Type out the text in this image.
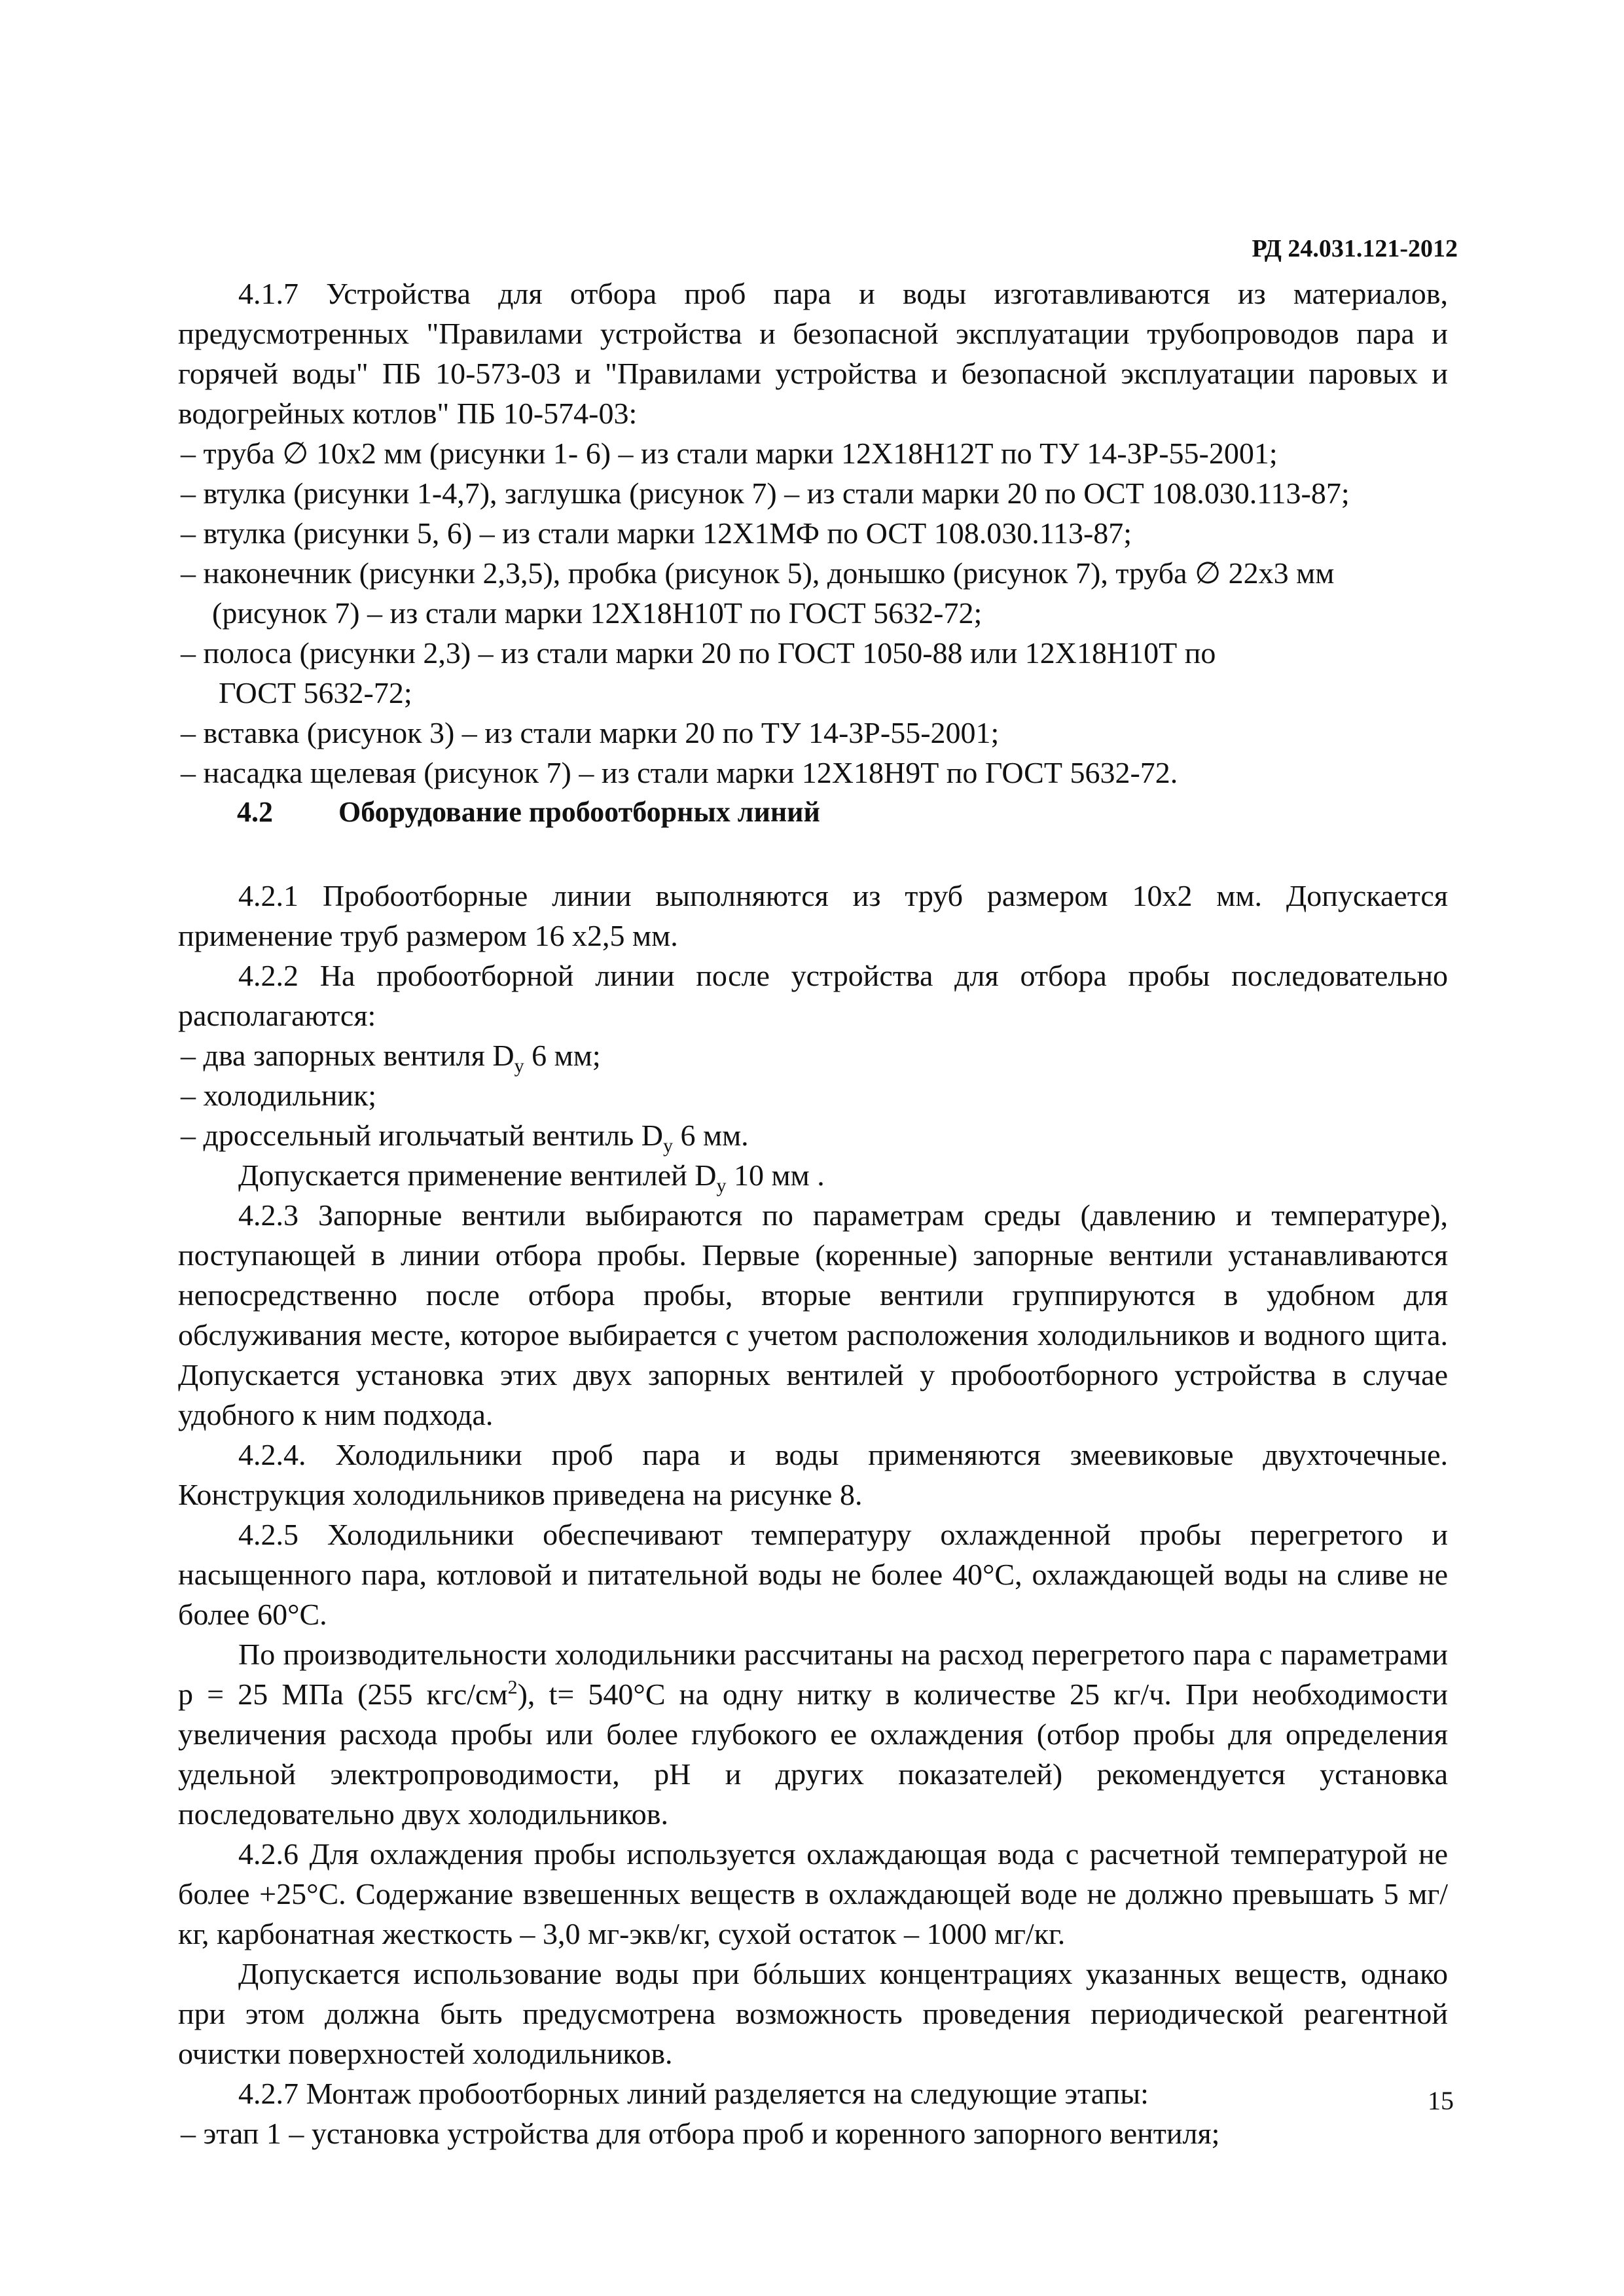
РД 24.031.121-2012

4.1.7 Устройства для отбора проб пара и воды изготавливаются из материалов, предусмотренных "Правилами устройства и безопасной эксплуатации трубопроводов пара и горячей воды" ПБ 10-573-03 и "Правилами устройства и безопасной эксплуатации паровых и водогрейных котлов" ПБ 10-574-03:

– труба ∅ 10х2 мм (рисунки 1- 6) – из стали марки 12Х18Н12Т по ТУ 14-3Р-55-2001;

– втулка (рисунки 1-4,7), заглушка (рисунок 7) – из стали марки 20 по ОСТ 108.030.113-87;

– втулка (рисунки 5, 6) – из стали марки 12Х1МФ по ОСТ 108.030.113-87;

– наконечник (рисунки 2,3,5), пробка (рисунок 5), донышко (рисунок 7), труба ∅ 22х3 мм

(рисунок 7) – из стали марки 12Х18Н10Т по ГОСТ 5632-72;

– полоса (рисунки 2,3) – из стали марки 20 по ГОСТ 1050-88 или 12Х18Н10Т по

ГОСТ 5632-72;

– вставка (рисунок 3) – из стали марки 20 по ТУ 14-3Р-55-2001;

– насадка щелевая (рисунок 7) – из стали марки 12Х18Н9Т по ГОСТ 5632-72.

4.2 Оборудование пробоотборных линий

4.2.1 Пробоотборные линии выполняются из труб размером 10х2 мм. Допускается применение труб размером 16 х2,5 мм.

4.2.2 На пробоотборной линии после устройства для отбора пробы последовательно располагаются:

– два запорных вентиля $D_у$ 6 мм;

– холодильник;

– дроссельный игольчатый вентиль $D_у$ 6 мм.

Допускается применение вентилей $D_у$ 10 мм .

4.2.3 Запорные вентили выбираются по параметрам среды (давлению и температуре), поступающей в линии отбора пробы. Первые (коренные) запорные вентили устанавливаются непосредственно после отбора пробы, вторые вентили группируются в удобном для обслуживания месте, которое выбирается с учетом расположения холодильников и водного щита. Допускается установка этих двух запорных вентилей у пробоотборного устройства в случае удобного к ним подхода.

4.2.4. Холодильники проб пара и воды применяются змеевиковые двухточечные. Конструкция холодильников приведена на рисунке 8.

4.2.5 Холодильники обеспечивают температуру охлажденной пробы перегретого и насыщенного пара, котловой и питательной воды не более 40°С, охлаждающей воды на сливе не более 60°С.

По производительности холодильники рассчитаны на расход перегретого пара с параметрами р = 25 МПа (255 кгс/$см^2$), t= 540°С на одну нитку в количестве 25 кг/ч. При необходимости увеличения расхода пробы или более глубокого ее охлаждения (отбор пробы для определения удельной электропроводимости, рН и других показателей) рекомендуется установка последовательно двух холодильников.

4.2.6 Для охлаждения пробы используется охлаждающая вода с расчетной температурой не более +25°С. Содержание взвешенных веществ в охлаждающей воде не должно превышать 5 мг/кг, карбонатная жесткость – 3,0 мг-экв/кг, сухой остаток – 1000 мг/кг.

Допускается использование воды при бóльших концентрациях указанных веществ, однако при этом должна быть предусмотрена возможность проведения периодической реагентной очистки поверхностей холодильников.

4.2.7 Монтаж пробоотборных линий разделяется на следующие этапы:

– этап 1 – установка устройства для отбора проб и коренного запорного вентиля;

15
